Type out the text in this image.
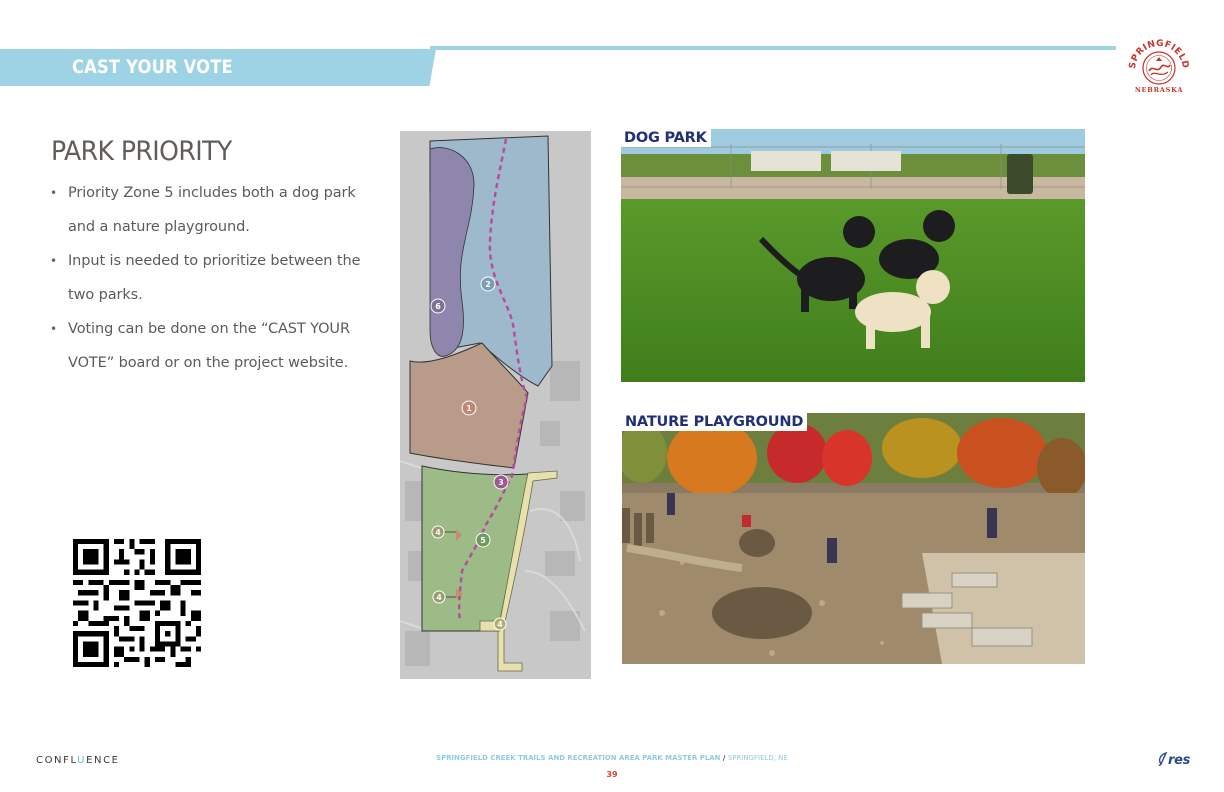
CAST YOUR VOTE	SPRINGFIELD
NEBRASKA
PARK PRIORITY
• Priority Zone 5 includes both a dog park and a nature playground.
• Input is needed to prioritize between the two parks.
• Voting can be done on the “CAST YOUR VOTE” board or on the project website.
6
2
1
3
4
5
4
4
DOG PARK
NATURE PLAYGROUND
CONFLUENCE	SPRINGFIELD CREEK TRAILS AND RECREATION AREA PARK MASTER PLAN / SPRINGFIELD, NE
39
res
